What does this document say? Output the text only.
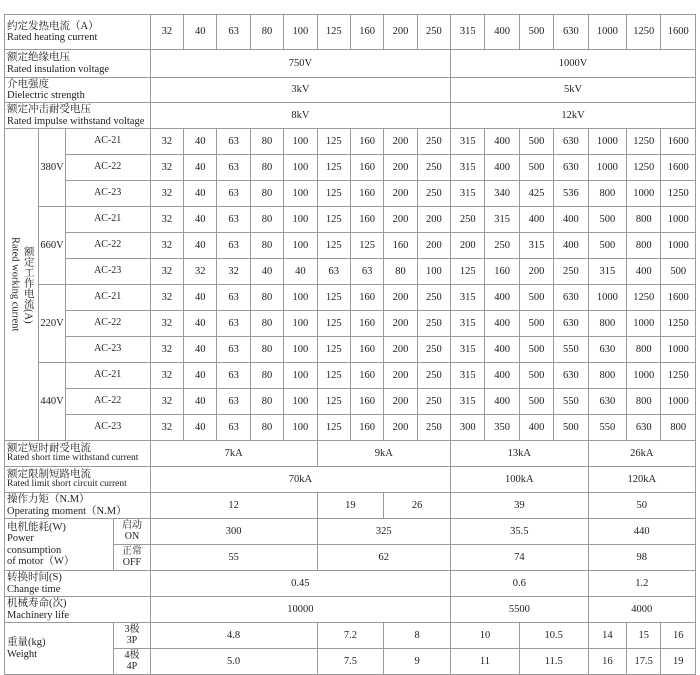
约定发热电流（A）
Rated heating current				32	40	63	80	100	125	160	200	250	315	400	500	630	1000	1250	1600

额定绝缘电压
Rated insulation voltage				750V									1000V						

介电强度
Dielectric strength				3kV									5kV						

额定冲击耐受电压
Rated impulse withstand voltage				8kV									12kV						

额定工作电流(A)
Rated working current	380V	AC-21		32	40	63	80	100	125	160	200	250	315	400	500	630	1000	1250	1600
		AC-22		32	40	63	80	100	125	160	200	250	315	400	500	630	1000	1250	1600
		AC-23		32	40	63	80	100	125	160	200	250	315	340	425	536	800	1000	1250
	660V	AC-21		32	40	63	80	100	125	160	200	200	250	315	400	400	500	800	1000
		AC-22		32	40	63	80	100	125	125	160	200	200	250	315	400	500	800	1000
		AC-23		32	32	32	40	40	63	63	80	100	125	160	200	250	315	400	500
	220V	AC-21		32	40	63	80	100	125	160	200	250	315	400	500	630	1000	1250	1600
		AC-22		32	40	63	80	100	125	160	200	250	315	400	500	630	800	1000	1250
		AC-23		32	40	63	80	100	125	160	200	250	315	400	500	550	630	800	1000
	440V	AC-21		32	40	63	80	100	125	160	200	250	315	400	500	630	800	1000	1250
		AC-22		32	40	63	80	100	125	160	200	250	315	400	500	550	630	800	1000
		AC-23		32	40	63	80	100	125	160	200	250	300	350	400	500	550	630	800

额定短时耐受电流
Rated short time withstand current				7kA					9kA				13kA				26kA		

额定限制短路电流
Rated limit short circuit current				70kA									100kA				120kA		

操作力矩（N.M）
Operating moment（N.M）				12					19		26		39				50		

电机能耗(W)
Power
consumption
of motor（W）			启动
ON	300					325				35.5				440		

			正常
OFF	55					62				74				98		

转换时间(S)
Change time				0.45									0.6				1.2		

机械寿命(次)
Machinery life				10000									5500				4000		

重量(kg)
Weight			3极
3P	4.8					7.2		8		10		10.5		14	15	16

			4极
4P	5.0					7.5		9		11		11.5		16	17.5	19
